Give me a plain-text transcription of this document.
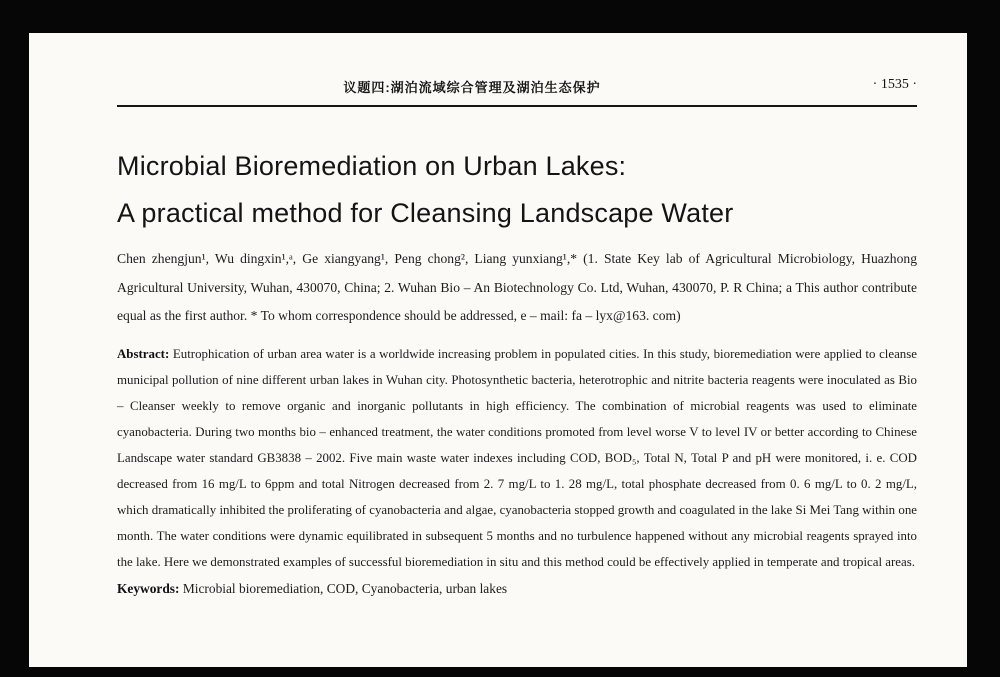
议题四:湖泊流域综合管理及湖泊生态保护	· 1535 ·
Microbial Bioremediation on Urban Lakes:
A practical method for Cleansing Landscape Water

Chen zhengjun¹, Wu dingxin¹,ᵃ, Ge xiangyang¹, Peng chong², Liang yunxiang¹,* (1. State Key lab of Agricultural Microbiology, Huazhong Agricultural University, Wuhan, 430070, China; 2. Wuhan Bio – An Biotechnology Co. Ltd, Wuhan, 430070, P. R China; a This author contribute equal as the first author. * To whom correspondence should be addressed, e – mail: fa – lyx@163. com)

Abstract: Eutrophication of urban area water is a worldwide increasing problem in populated cities. In this study, bioremediation were applied to cleanse municipal pollution of nine different urban lakes in Wuhan city. Photosynthetic bacteria, heterotrophic and nitrite bacteria reagents were inoculated as Bio – Cleanser weekly to remove organic and inorganic pollutants in high efficiency. The combination of microbial reagents was used to eliminate cyanobacteria. During two months bio – enhanced treatment, the water conditions promoted from level worse V to level IV or better according to Chinese Landscape water standard GB3838 – 2002. Five main waste water indexes including COD, BOD₅, Total N, Total P and pH were monitored, i. e. COD decreased from 16 mg/L to 6ppm and total Nitrogen decreased from 2. 7 mg/L to 1. 28 mg/L, total phosphate decreased from 0. 6 mg/L to 0. 2 mg/L, which dramatically inhibited the proliferating of cyanobacteria and algae, cyanobacteria stopped growth and coagulated in the lake Si Mei Tang within one month. The water conditions were dynamic equilibrated in subsequent 5 months and no turbulence happened without any microbial reagents sprayed into the lake. Here we demonstrated examples of successful bioremediation in situ and this method could be effectively applied in temperate and tropical areas.

Keywords: Microbial bioremediation, COD, Cyanobacteria, urban lakes
